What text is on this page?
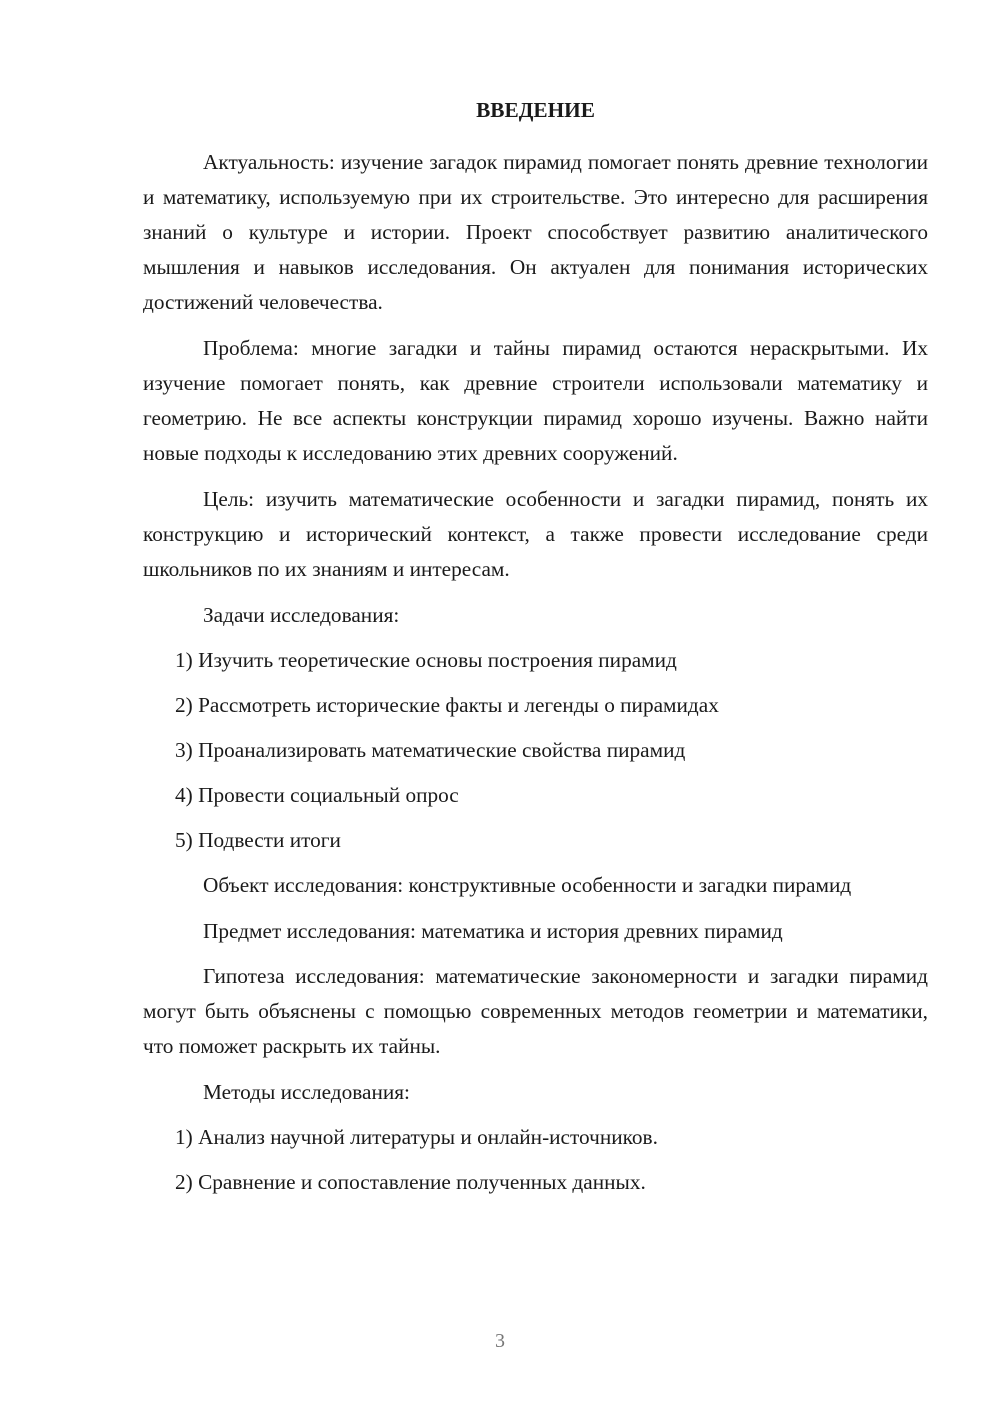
ВВЕДЕНИЕ

Актуальность: изучение загадок пирамид помогает понять древние технологии и математику, используемую при их строительстве. Это интересно для расширения знаний о культуре и истории. Проект способствует развитию аналитического мышления и навыков исследования. Он актуален для понимания исторических достижений человечества.

Проблема: многие загадки и тайны пирамид остаются нераскрытыми. Их изучение помогает понять, как древние строители использовали математику и геометрию. Не все аспекты конструкции пирамид хорошо изучены. Важно найти новые подходы к исследованию этих древних сооружений.

Цель: изучить математические особенности и загадки пирамид, понять их конструкцию и исторический контекст, а также провести исследование среди школьников по их знаниям и интересам.

Задачи исследования:
1) Изучить теоретические основы построения пирамид
2) Рассмотреть исторические факты и легенды о пирамидах
3) Проанализировать математические свойства пирамид
4) Провести социальный опрос
5) Подвести итоги

Объект исследования: конструктивные особенности и загадки пирамид

Предмет исследования: математика и история древних пирамид

Гипотеза исследования: математические закономерности и загадки пирамид могут быть объяснены с помощью современных методов геометрии и математики, что поможет раскрыть их тайны.

Методы исследования:
1) Анализ научной литературы и онлайн-источников.
2) Сравнение и сопоставление полученных данных.
3
